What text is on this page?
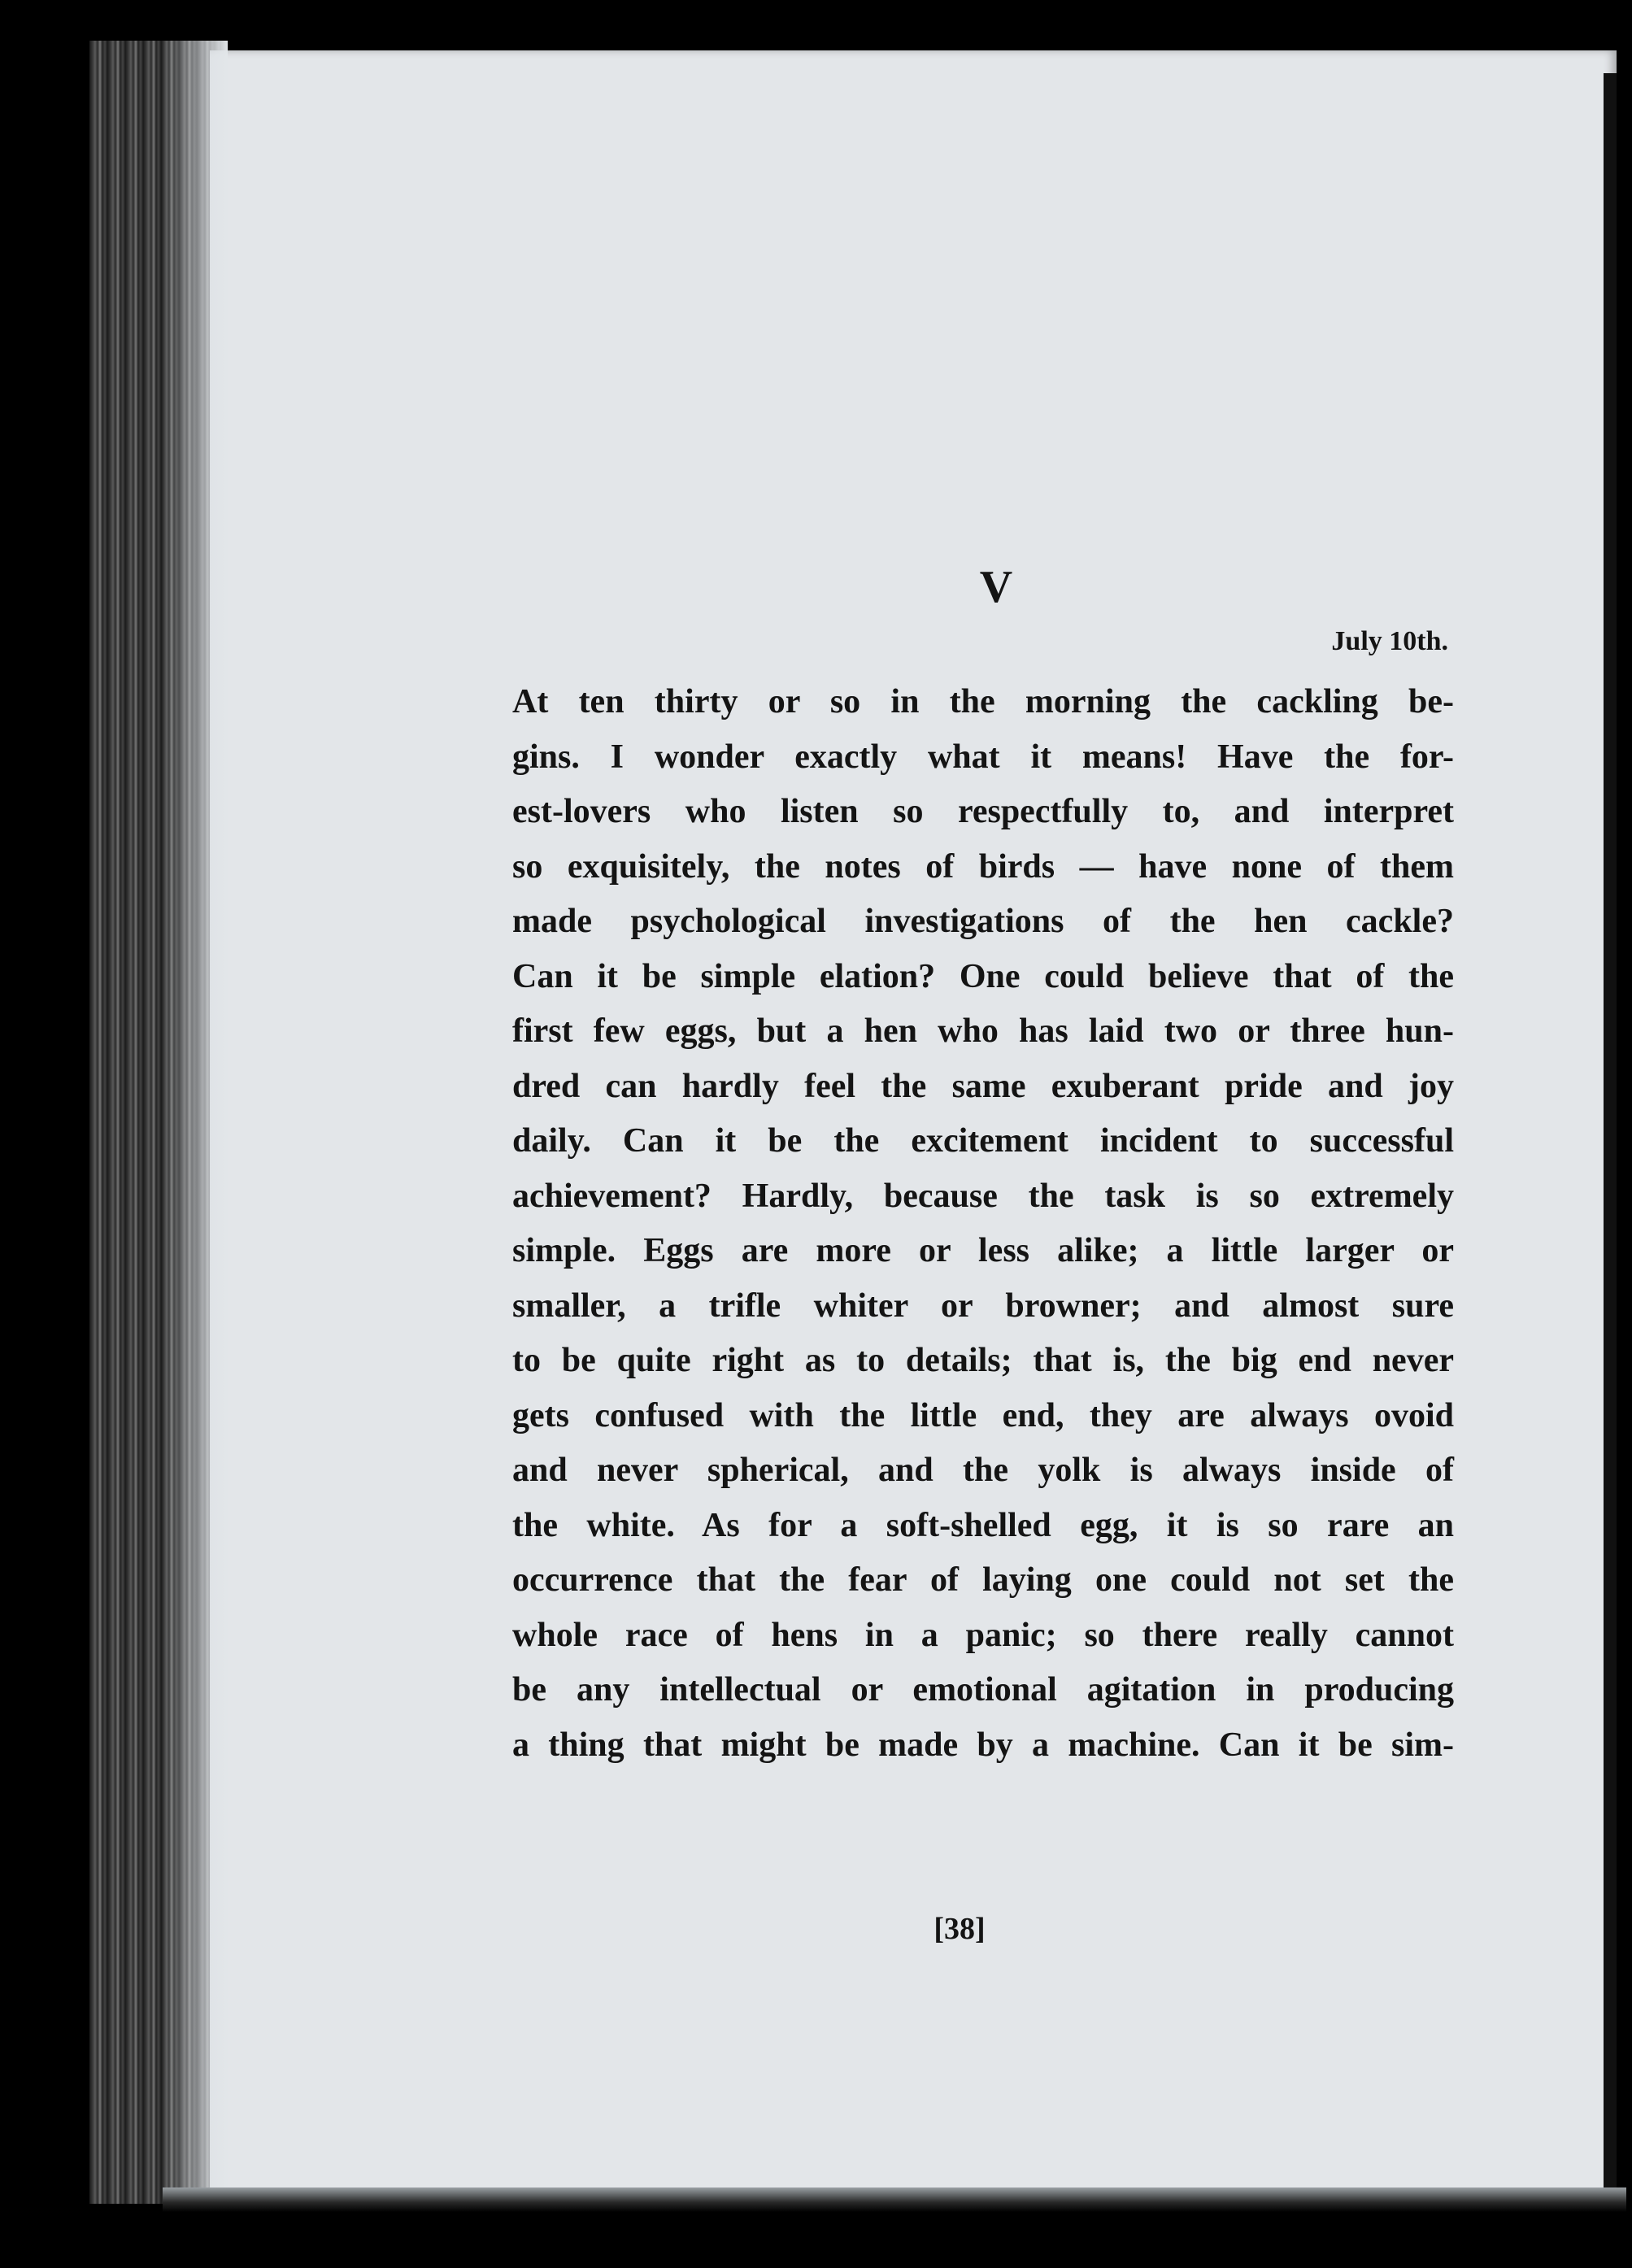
V
July 10th.
At ten thirty or so in the morning the cackling be-
gins. I wonder exactly what it means! Have the for-
est-lovers who listen so respectfully to, and interpret
so exquisitely, the notes of birds — have none of them
made psychological investigations of the hen cackle?
Can it be simple elation? One could believe that of the
first few eggs, but a hen who has laid two or three hun-
dred can hardly feel the same exuberant pride and joy
daily. Can it be the excitement incident to successful
achievement? Hardly, because the task is so extremely
simple. Eggs are more or less alike; a little larger or
smaller, a trifle whiter or browner; and almost sure
to be quite right as to details; that is, the big end never
gets confused with the little end, they are always ovoid
and never spherical, and the yolk is always inside of
the white. As for a soft-shelled egg, it is so rare an
occurrence that the fear of laying one could not set the
whole race of hens in a panic; so there really cannot
be any intellectual or emotional agitation in producing
a thing that might be made by a machine. Can it be sim-
[38]
